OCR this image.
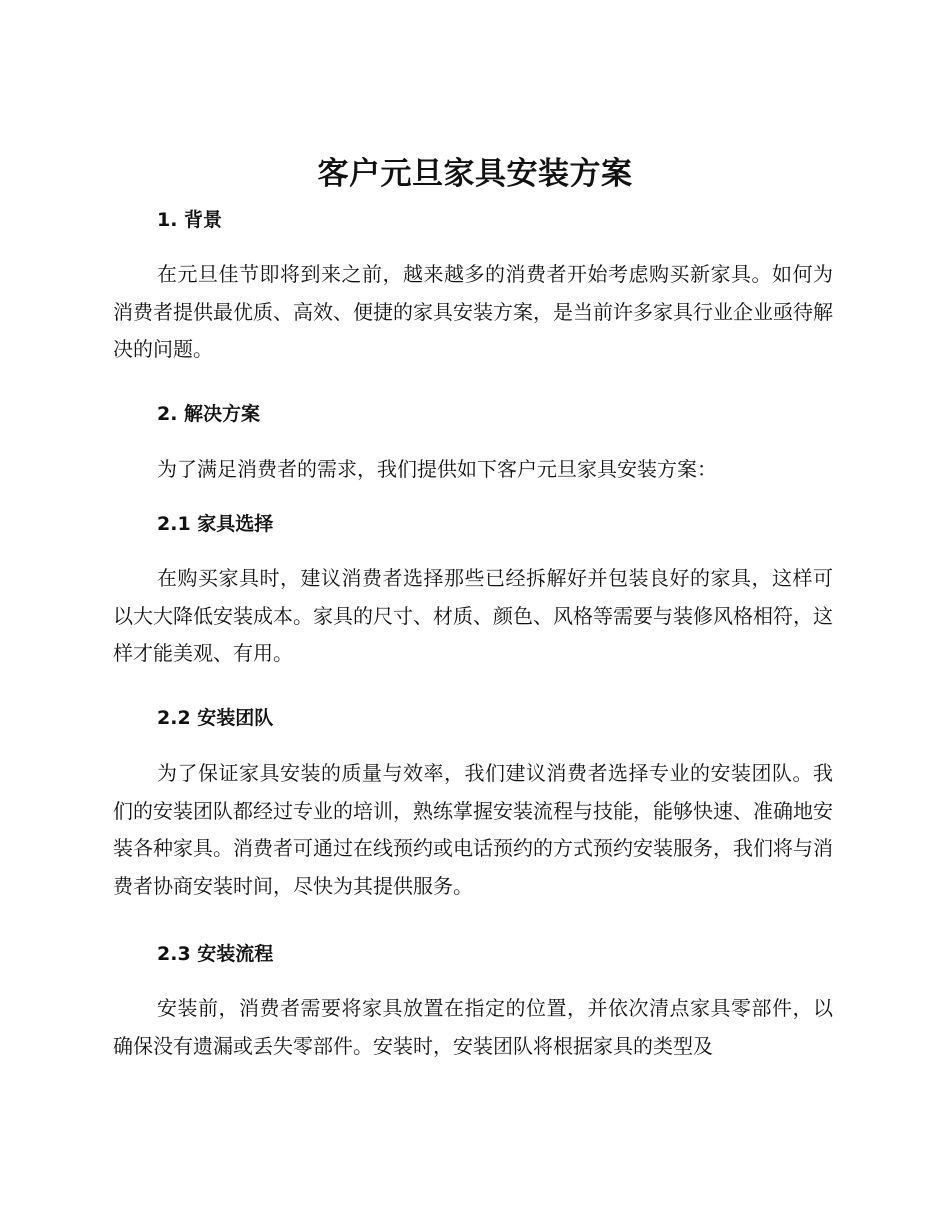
客户元旦家具安装方案
1. 背景

在元旦佳节即将到来之前，越来越多的消费者开始考虑购买新家具。如何为消费者提供最优质、高效、便捷的家具安装方案，是当前许多家具行业企业亟待解决的问题。

2. 解决方案

为了满足消费者的需求，我们提供如下客户元旦家具安装方案：

2.1 家具选择

在购买家具时，建议消费者选择那些已经拆解好并包装良好的家具，这样可以大大降低安装成本。家具的尺寸、材质、颜色、风格等需要与装修风格相符，这样才能美观、有用。

2.2 安装团队

为了保证家具安装的质量与效率，我们建议消费者选择专业的安装团队。我们的安装团队都经过专业的培训，熟练掌握安装流程与技能，能够快速、准确地安装各种家具。消费者可通过在线预约或电话预约的方式预约安装服务，我们将与消费者协商安装时间，尽快为其提供服务。

2.3 安装流程

安装前，消费者需要将家具放置在指定的位置，并依次清点家具零部件，以确保没有遗漏或丢失零部件。安装时，安装团队将根据家具的类型及
